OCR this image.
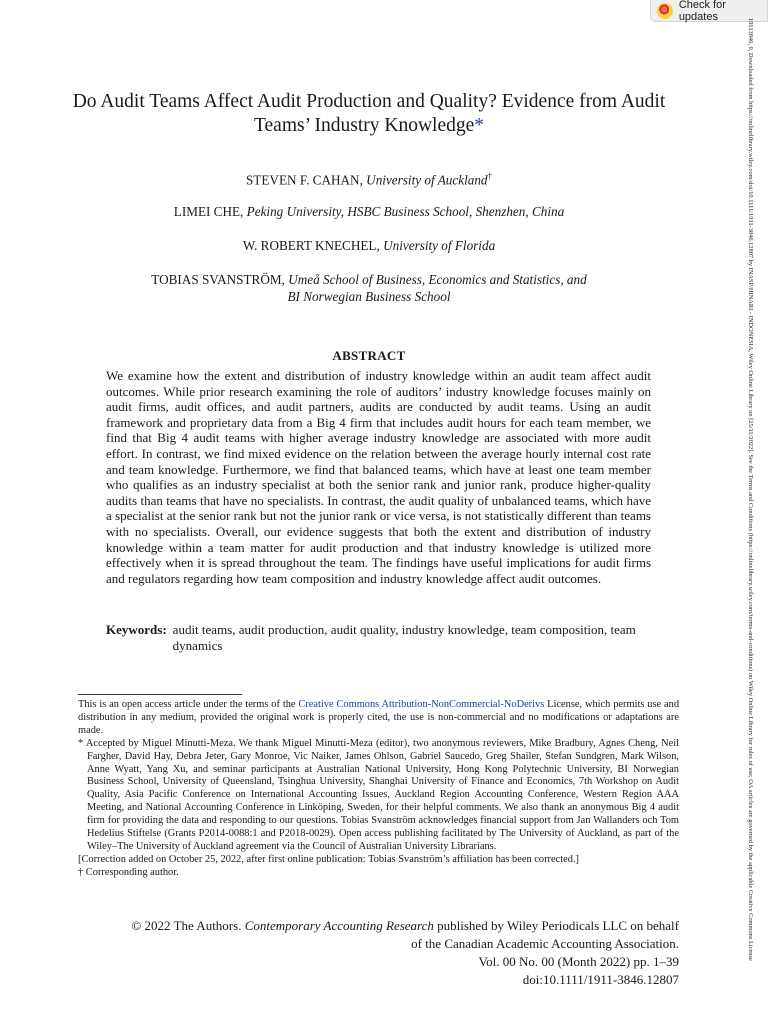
Check for updates
19113846, 0, Downloaded from https://onlinelibrary.wiley.com/doi/10.1111/1911-3846.12807 by INASP/HINARI - INDONESIA, Wiley Online Library on [25/11/2022]. See the Terms and Conditions (https://onlinelibrary.wiley.com/terms-and-conditions) on Wiley Online Library for rules of use; OA articles are governed by the applicable Creative Commons License
Do Audit Teams Affect Audit Production and Quality? Evidence from Audit Teams’ Industry Knowledge*
STEVEN F. CAHAN, University of Auckland†
LIMEI CHE, Peking University, HSBC Business School, Shenzhen, China
W. ROBERT KNECHEL, University of Florida
TOBIAS SVANSTRÖM, Umeå School of Business, Economics and Statistics, and
BI Norwegian Business School
ABSTRACT
We examine how the extent and distribution of industry knowledge within an audit team affect audit outcomes. While prior research examining the role of auditors’ industry knowledge focuses mainly on audit firms, audit offices, and audit partners, audits are conducted by audit teams. Using an audit framework and proprietary data from a Big 4 firm that includes audit hours for each team member, we find that Big 4 audit teams with higher average industry knowledge are associated with more audit effort. In contrast, we find mixed evidence on the relation between the average hourly internal cost rate and team knowledge. Furthermore, we find that balanced teams, which have at least one team member who qualifies as an industry specialist at both the senior rank and junior rank, produce higher-quality audits than teams that have no specialists. In contrast, the audit quality of unbalanced teams, which have a specialist at the senior rank but not the junior rank or vice versa, is not statistically different than teams with no specialists. Overall, our evidence suggests that both the extent and distribution of industry knowledge within a team matter for audit production and that industry knowledge is utilized more effectively when it is spread throughout the team. The findings have useful implications for audit firms and regulators regarding how team composition and industry knowledge affect audit outcomes.
Keywords: audit teams, audit production, audit quality, industry knowledge, team composition, team dynamics

This is an open access article under the terms of the Creative Commons Attribution-NonCommercial-NoDerivs License, which permits use and distribution in any medium, provided the original work is properly cited, the use is non-commercial and no modifications or adaptations are made.

* Accepted by Miguel Minutti-Meza. We thank Miguel Minutti-Meza (editor), two anonymous reviewers, Mike Bradbury, Agnes Cheng, Neil Fargher, David Hay, Debra Jeter, Gary Monroe, Vic Naiker, James Ohlson, Gabriel Saucedo, Greg Shailer, Stefan Sundgren, Mark Wilson, Anne Wyatt, Yang Xu, and seminar participants at Australian National University, Hong Kong Polytechnic University, BI Norwegian Business School, University of Queensland, Tsinghua University, Shanghai University of Finance and Economics, 7th Workshop on Audit Quality, Asia Pacific Conference on International Accounting Issues, Auckland Region Accounting Conference, Western Region AAA Meeting, and National Accounting Conference in Linköping, Sweden, for their helpful comments. We also thank an anonymous Big 4 audit firm for providing the data and responding to our questions. Tobias Svanström acknowledges financial support from Jan Wallanders och Tom Hedelius Stiftelse (Grants P2014-0088:1 and P2018-0029). Open access publishing facilitated by The University of Auckland, as part of the Wiley–The University of Auckland agreement via the Council of Australian University Librarians.

[Correction added on October 25, 2022, after first online publication: Tobias Svanström’s affiliation has been corrected.]

† Corresponding author.

© 2022 The Authors. Contemporary Accounting Research published by Wiley Periodicals LLC on behalf
of the Canadian Academic Accounting Association.
Vol. 00 No. 00 (Month 2022) pp. 1–39
doi:10.1111/1911-3846.12807
